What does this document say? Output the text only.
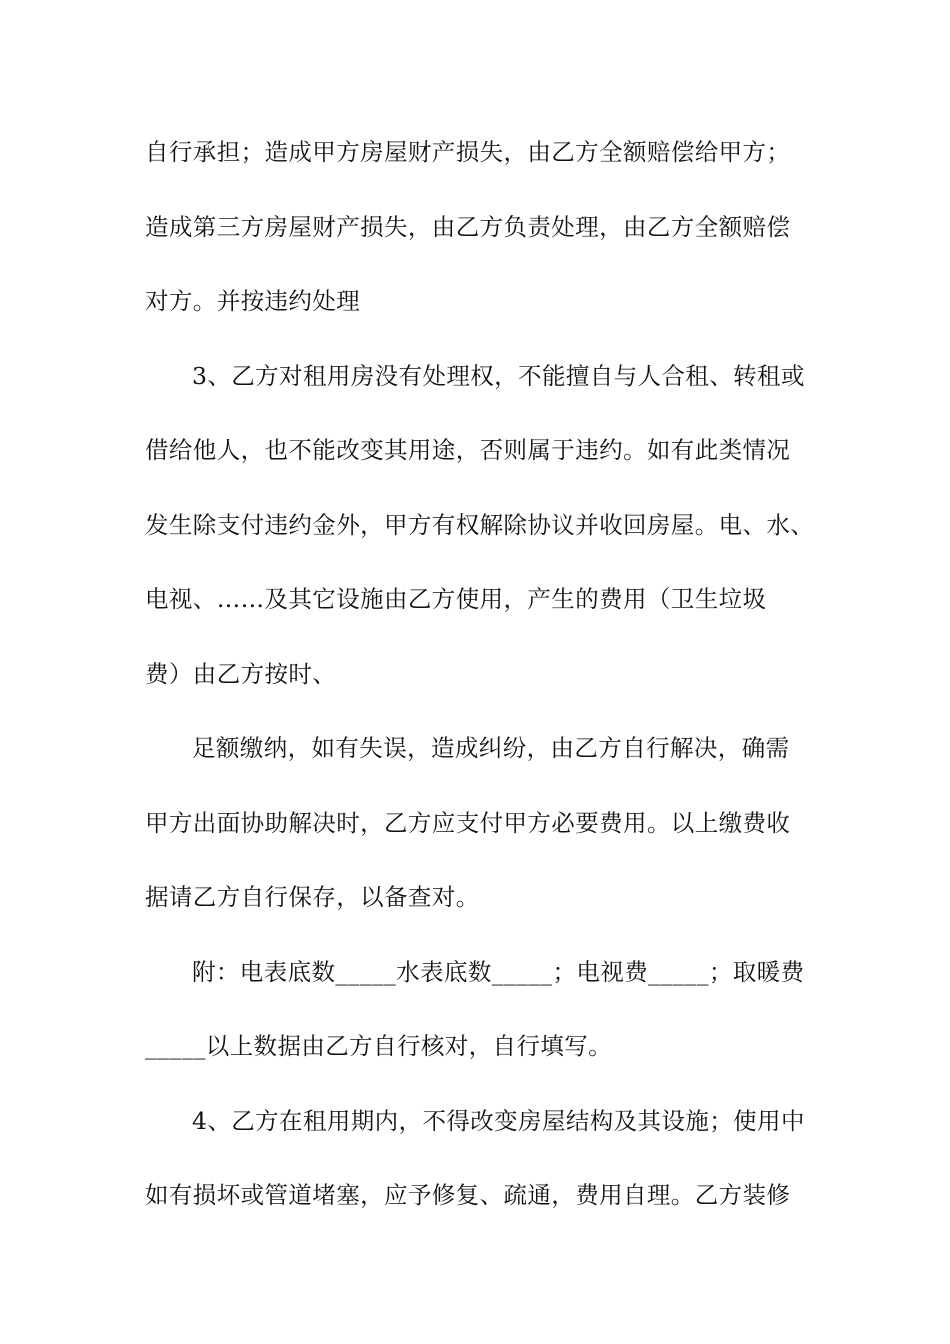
自行承担；造成甲方房屋财产损失，由乙方全额赔偿给甲方；
造成第三方房屋财产损失，由乙方负责处理，由乙方全额赔偿
对方。并按违约处理
3、乙方对租用房没有处理权，不能擅自与人合租、转租或
借给他人，也不能改变其用途，否则属于违约。如有此类情况
发生除支付违约金外，甲方有权解除协议并收回房屋。电、水、
电视、……及其它设施由乙方使用，产生的费用（卫生垃圾
费）由乙方按时、
足额缴纳，如有失误，造成纠纷，由乙方自行解决，确需
甲方出面协助解决时，乙方应支付甲方必要费用。以上缴费收
据请乙方自行保存，以备查对。
附：电表底数_____水表底数_____；电视费_____；取暖费
_____以上数据由乙方自行核对，自行填写。
4、乙方在租用期内，不得改变房屋结构及其设施；使用中
如有损坏或管道堵塞，应予修复、疏通，费用自理。乙方装修
